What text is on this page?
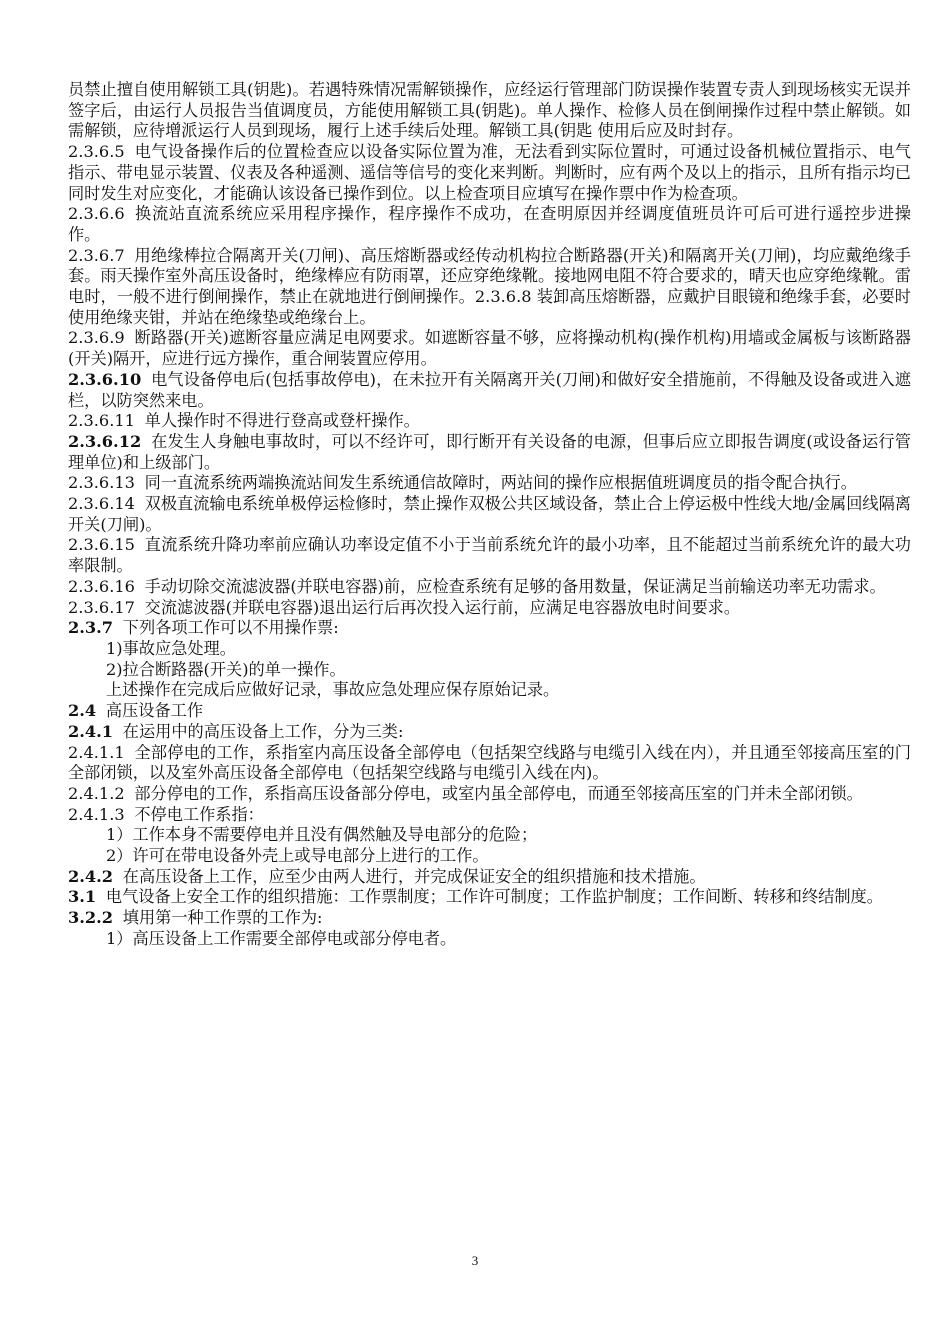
员禁止擅自使用解锁工具(钥匙)。若遇特殊情况需解锁操作，应经运行管理部门防误操作装置专责人到现场核实无误并签字后，由运行人员报告当值调度员，方能使用解锁工具(钥匙)。单人操作、检修人员在倒闸操作过程中禁止解锁。如需解锁，应待增派运行人员到现场，履行上述手续后处理。解锁工具(钥匙 使用后应及时封存。

2.3.6.5 电气设备操作后的位置检查应以设备实际位置为准，无法看到实际位置时，可通过设备机械位置指示、电气指示、带电显示装置、仪表及各种遥测、遥信等信号的变化来判断。判断时，应有两个及以上的指示，且所有指示均已同时发生对应变化，才能确认该设备已操作到位。以上检查项目应填写在操作票中作为检查项。

2.3.6.6 换流站直流系统应采用程序操作，程序操作不成功，在查明原因并经调度值班员许可后可进行遥控步进操作。

2.3.6.7 用绝缘棒拉合隔离开关(刀闸)、高压熔断器或经传动机构拉合断路器(开关)和隔离开关(刀闸)，均应戴绝缘手套。雨天操作室外高压设备时，绝缘棒应有防雨罩，还应穿绝缘靴。接地网电阻不符合要求的，晴天也应穿绝缘靴。雷电时，一般不进行倒闸操作，禁止在就地进行倒闸操作。2.3.6.8 装卸高压熔断器，应戴护目眼镜和绝缘手套，必要时使用绝缘夹钳，并站在绝缘垫或绝缘台上。

2.3.6.9 断路器(开关)遮断容量应满足电网要求。如遮断容量不够，应将操动机构(操作机构)用墙或金属板与该断路器(开关)隔开，应进行远方操作，重合闸装置应停用。

2.3.6.10 电气设备停电后(包括事故停电)，在未拉开有关隔离开关(刀闸)和做好安全措施前，不得触及设备或进入遮栏，以防突然来电。

2.3.6.11 单人操作时不得进行登高或登杆操作。

2.3.6.12 在发生人身触电事故时，可以不经许可，即行断开有关设备的电源，但事后应立即报告调度(或设备运行管理单位)和上级部门。

2.3.6.13 同一直流系统两端换流站间发生系统通信故障时，两站间的操作应根据值班调度员的指令配合执行。

2.3.6.14 双极直流输电系统单极停运检修时，禁止操作双极公共区域设备，禁止合上停运极中性线大地/金属回线隔离开关(刀闸)。

2.3.6.15 直流系统升降功率前应确认功率设定值不小于当前系统允许的最小功率，且不能超过当前系统允许的最大功率限制。

2.3.6.16 手动切除交流滤波器(并联电容器)前，应检查系统有足够的备用数量，保证满足当前输送功率无功需求。

2.3.6.17 交流滤波器(并联电容器)退出运行后再次投入运行前，应满足电容器放电时间要求。

2.3.7 下列各项工作可以不用操作票:

1)事故应急处理。

2)拉合断路器(开关)的单一操作。

上述操作在完成后应做好记录，事故应急处理应保存原始记录。

2.4 高压设备工作

2.4.1 在运用中的高压设备上工作，分为三类:

2.4.1.1 全部停电的工作，系指室内高压设备全部停电（包括架空线路与电缆引入线在内），并且通至邻接高压室的门全部闭锁，以及室外高压设备全部停电（包括架空线路与电缆引入线在内)。

2.4.1.2 部分停电的工作，系指高压设备部分停电，或室内虽全部停电，而通至邻接高压室的门并未全部闭锁。

2.4.1.3 不停电工作系指：

1）工作本身不需要停电并且没有偶然触及导电部分的危险；

2）许可在带电设备外壳上或导电部分上进行的工作。

2.4.2 在高压设备上工作，应至少由两人进行，并完成保证安全的组织措施和技术措施。

3.1 电气设备上安全工作的组织措施：工作票制度；工作许可制度；工作监护制度；工作间断、转移和终结制度。

3.2.2 填用第一种工作票的工作为:

1）高压设备上工作需要全部停电或部分停电者。

3
